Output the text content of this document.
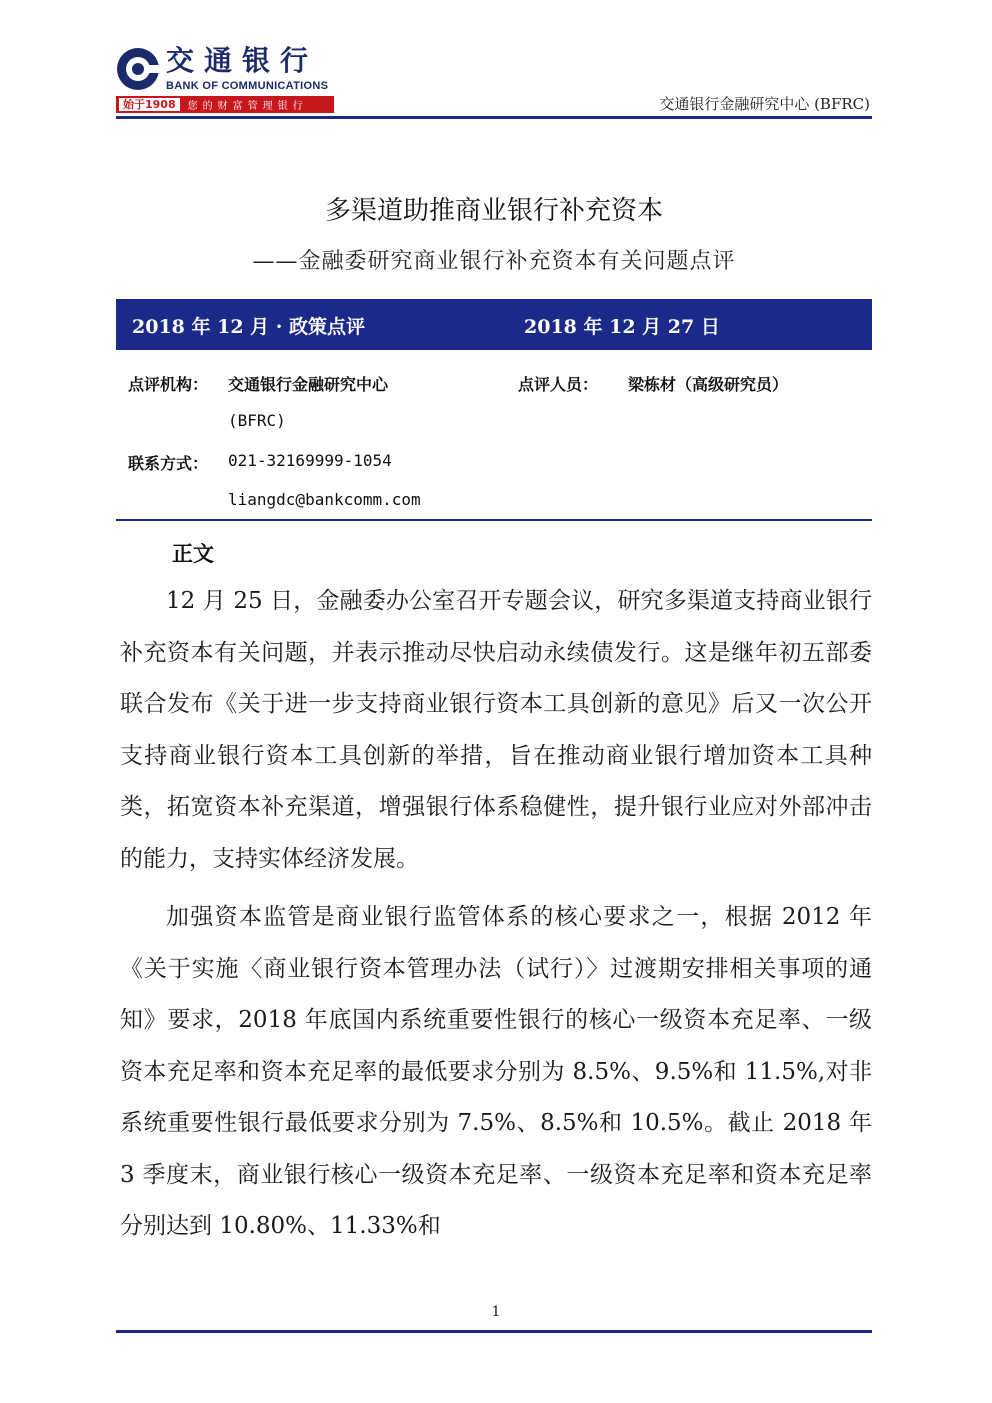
交通银行
BANK OF COMMUNICATIONS
始于1908	您的财富管理银行	交通银行金融研究中心 (BFRC)
多渠道助推商业银行补充资本
——金融委研究商业银行补充资本有关问题点评
2018 年 12 月 · 政策点评	2018 年 12 月 27 日
点评机构： 交通银行金融研究中心
(BFRC)
点评人员： 梁栋材（高级研究员）
联系方式： 021-32169999-1054
liangdc@bankcomm.com
正文

12 月 25 日，金融委办公室召开专题会议，研究多渠道支持商业银行补充资本有关问题，并表示推动尽快启动永续债发行。这是继年初五部委联合发布《关于进一步支持商业银行资本工具创新的意见》后又一次公开支持商业银行资本工具创新的举措，旨在推动商业银行增加资本工具种类，拓宽资本补充渠道，增强银行体系稳健性，提升银行业应对外部冲击的能力，支持实体经济发展。

加强资本监管是商业银行监管体系的核心要求之一，根据 2012 年《关于实施〈商业银行资本管理办法（试行）〉过渡期安排相关事项的通知》要求，2018 年底国内系统重要性银行的核心一级资本充足率、一级资本充足率和资本充足率的最低要求分别为 8.5%、9.5%和 11.5%,对非系统重要性银行最低要求分别为 7.5%、8.5%和 10.5%。截止 2018 年 3 季度末，商业银行核心一级资本充足率、一级资本充足率和资本充足率分别达到 10.80%、11.33%和

1
